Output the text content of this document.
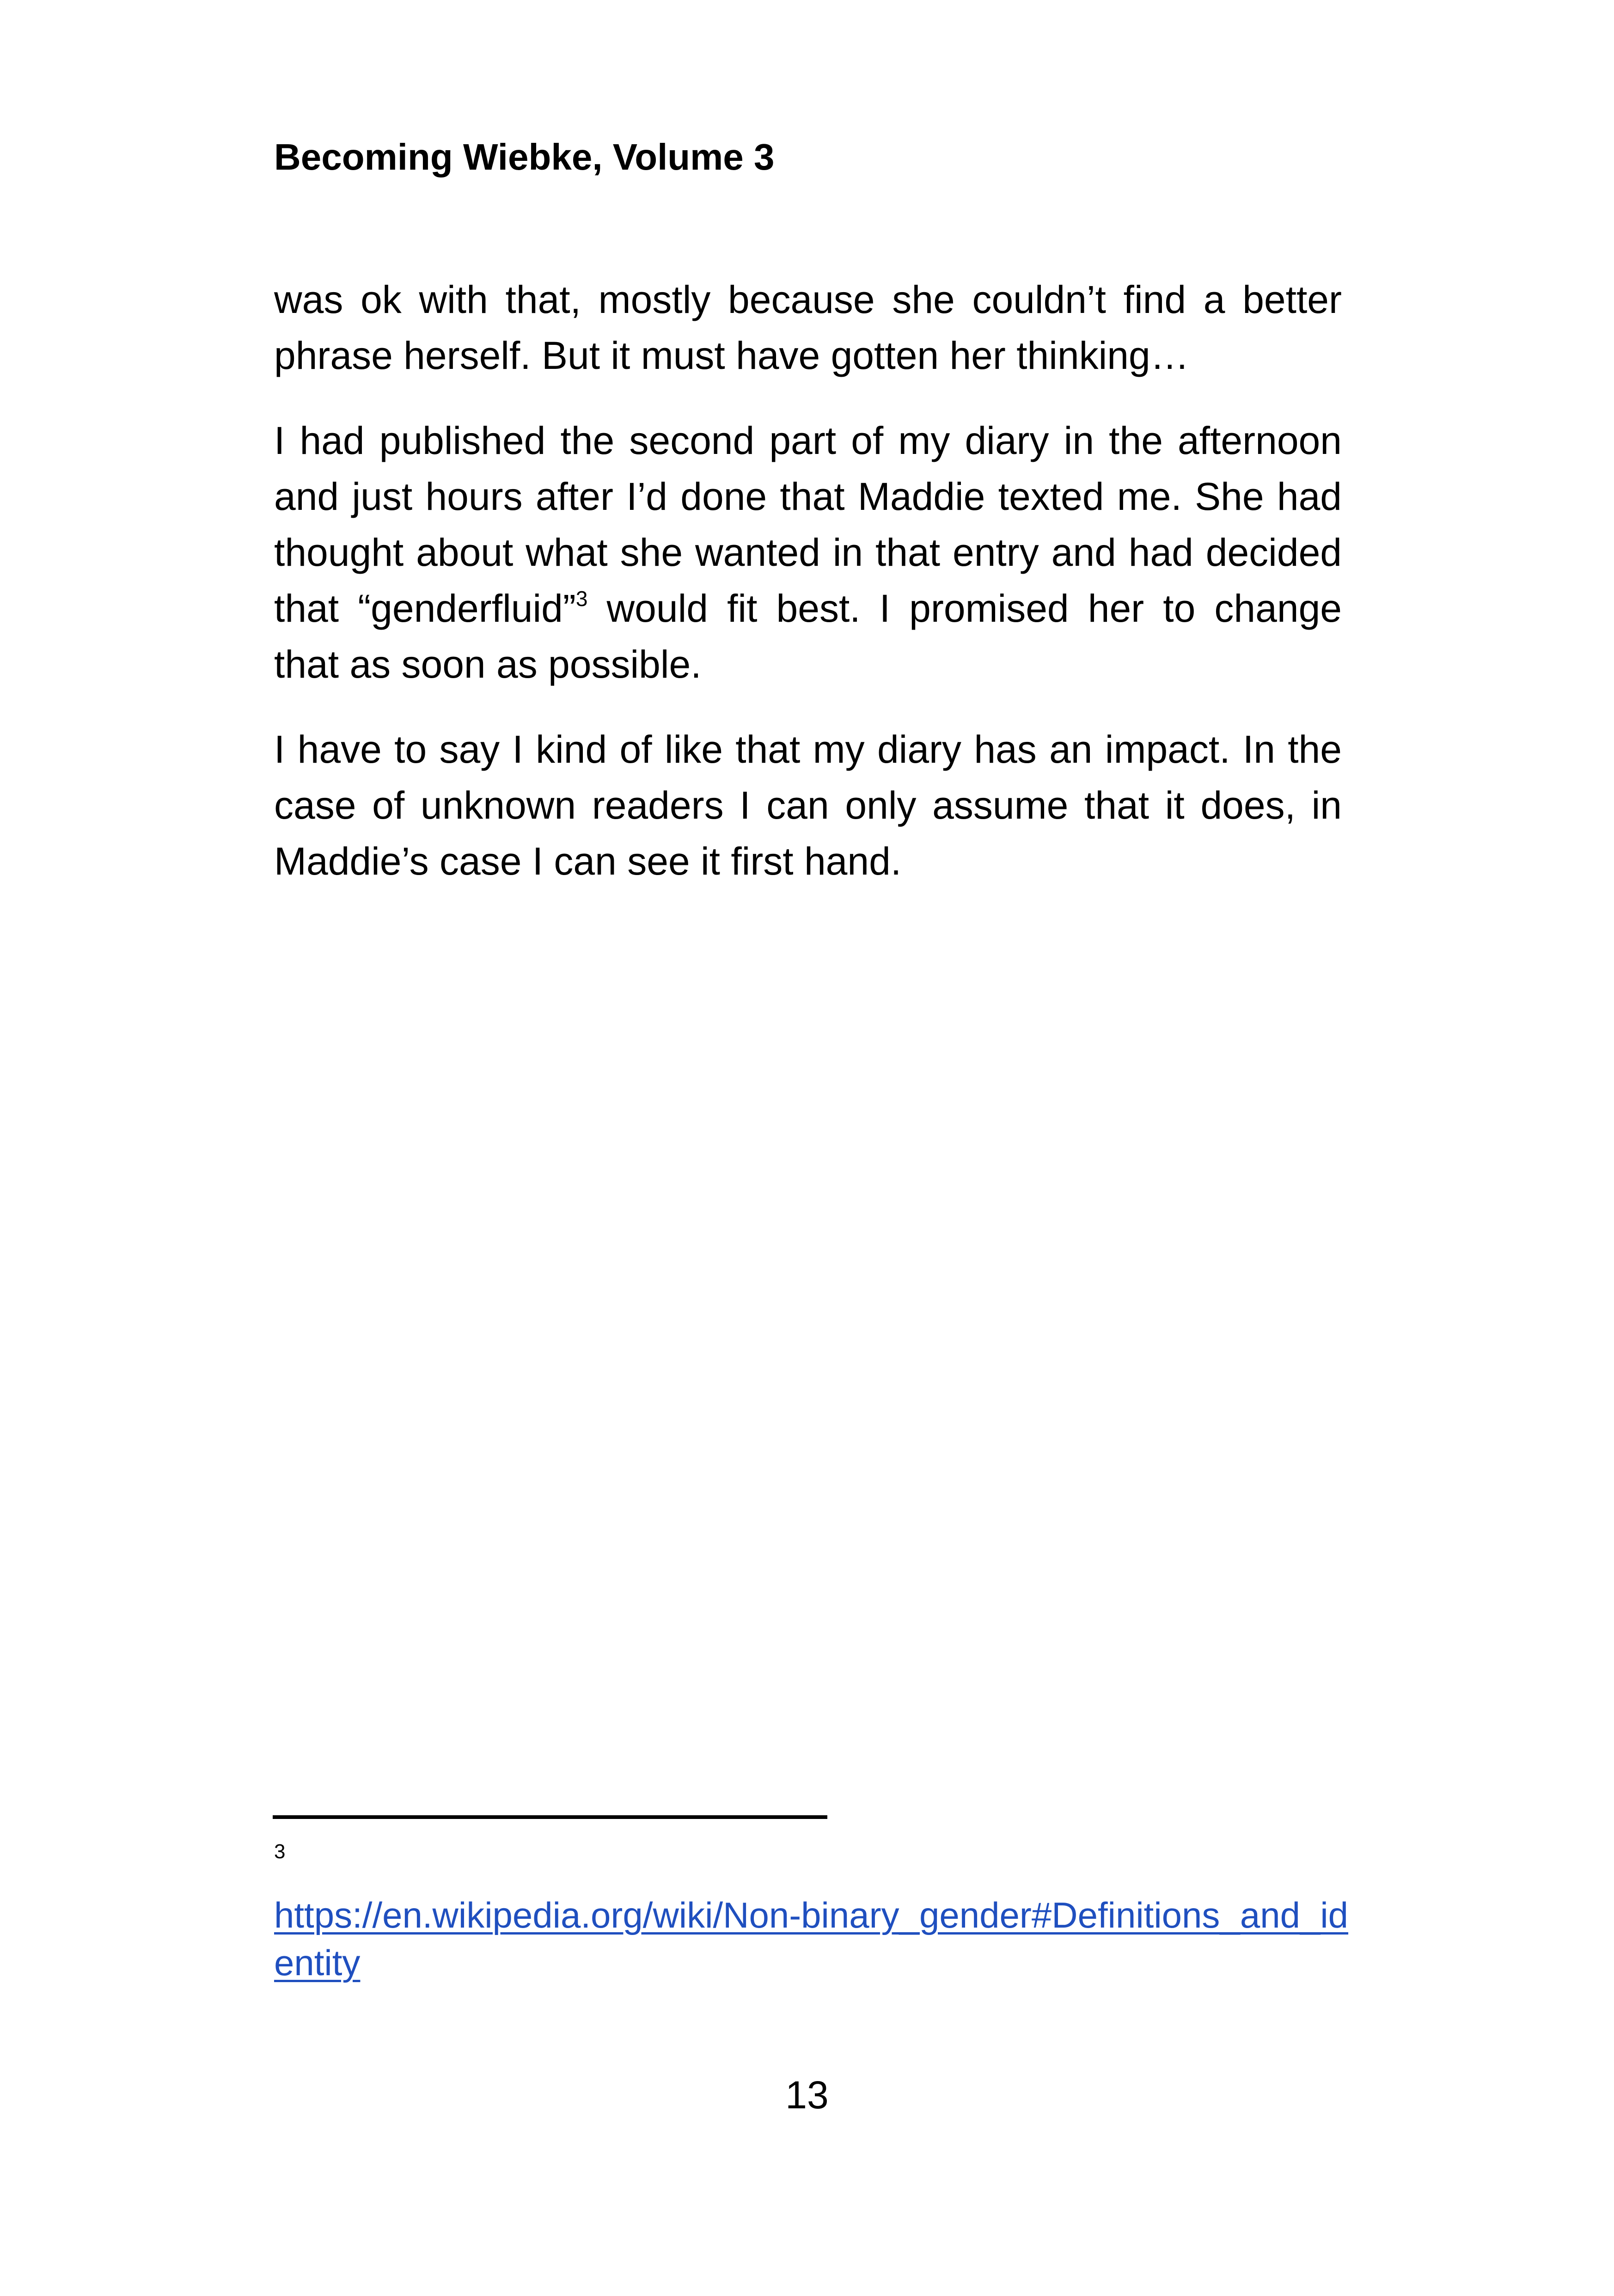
Becoming Wiebke, Volume 3

was ok with that, mostly because she couldn’t find a better phrase herself. But it must have gotten her thinking…

I had published the second part of my diary in the afternoon and just hours after I’d done that Maddie texted me. She had thought about what she wanted in that entry and had decided that “genderfluid”$^3$ would fit best. I promised her to change that as soon as possible.

I have to say I kind of like that my diary has an impact. In the case of unknown readers I can only assume that it does, in Maddie’s case I can see it first hand.

3
https://en.wikipedia.org/wiki/Non-binary_gender#Definitions_and_identity
13
